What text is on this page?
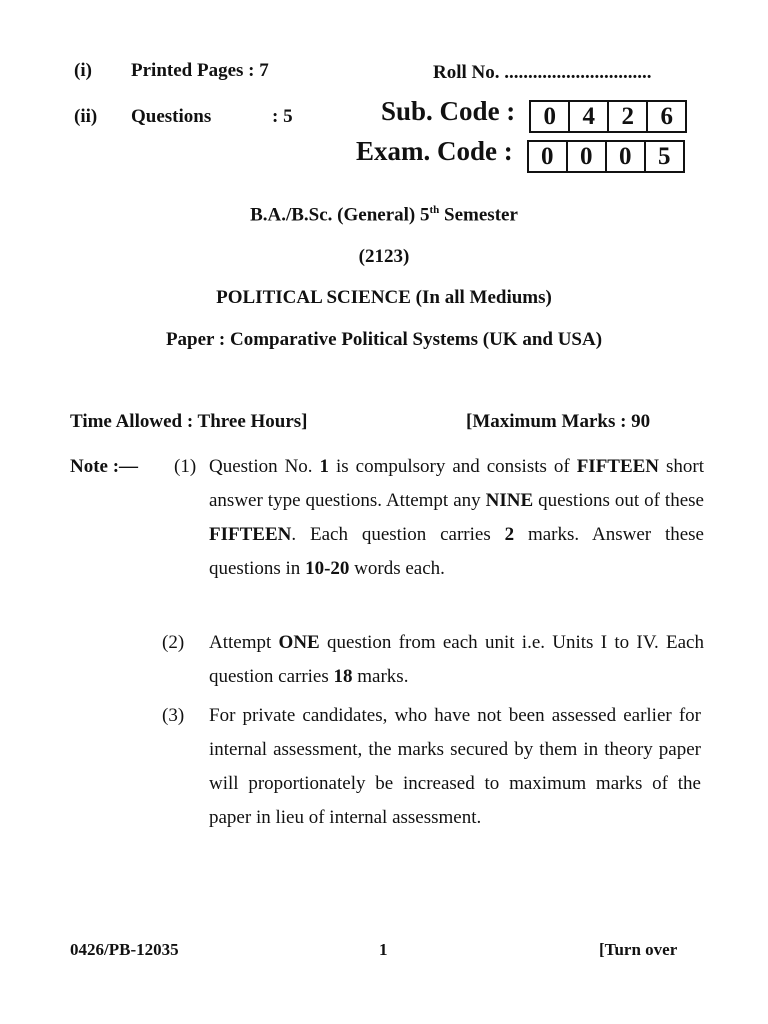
(i) Printed Pages : 7
(ii) Questions	: 5
Roll No. ...............................
Sub. Code :	0	4	2	6
Exam. Code :	0	0	0	5
B.A./B.Sc. (General) 5th Semester
(2123)
POLITICAL SCIENCE (In all Mediums)
Paper : Comparative Political Systems (UK and USA)
Time Allowed : Three Hours]	[Maximum Marks : 90
Note :— (1) Question No. 1 is compulsory and consists of FIFTEEN short answer type questions. Attempt any NINE questions out of these FIFTEEN. Each question carries 2 marks. Answer these questions in 10-20 words each.
(2) Attempt ONE question from each unit i.e. Units I to IV. Each question carries 18 marks.
(3) For private candidates, who have not been assessed earlier for internal assessment, the marks secured by them in theory paper will proportionately be increased to maximum marks of the paper in lieu of internal assessment.
0426/PB-12035	1	[Turn over
